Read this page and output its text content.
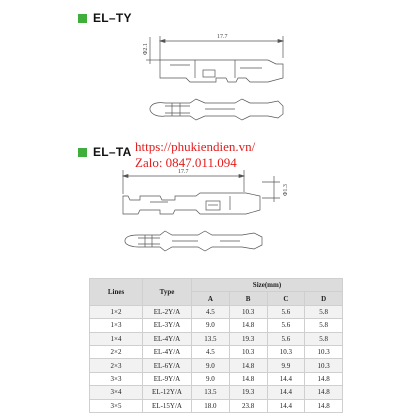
EL–TY
EL–TA
17.7
Φ2.1
17.7
Φ1.3
https://phukiendien.vn/
Zalo: 0847.011.094
Lines	Type	Size(mm)			
		A	B	C	D
1×2	EL-2Y/A	4.5	10.3	5.6	5.8
1×3	EL-3Y/A	9.0	14.8	5.6	5.8
1×4	EL-4Y/A	13.5	19.3	5.6	5.8
2×2	EL-4Y/A	4.5	10.3	10.3	10.3
2×3	EL-6Y/A	9.0	14.8	9.9	10.3
3×3	EL-9Y/A	9.0	14.8	14.4	14.8
3×4	EL-12Y/A	13.5	19.3	14.4	14.8
3×5	EL-15Y/A	18.0	23.8	14.4	14.8
